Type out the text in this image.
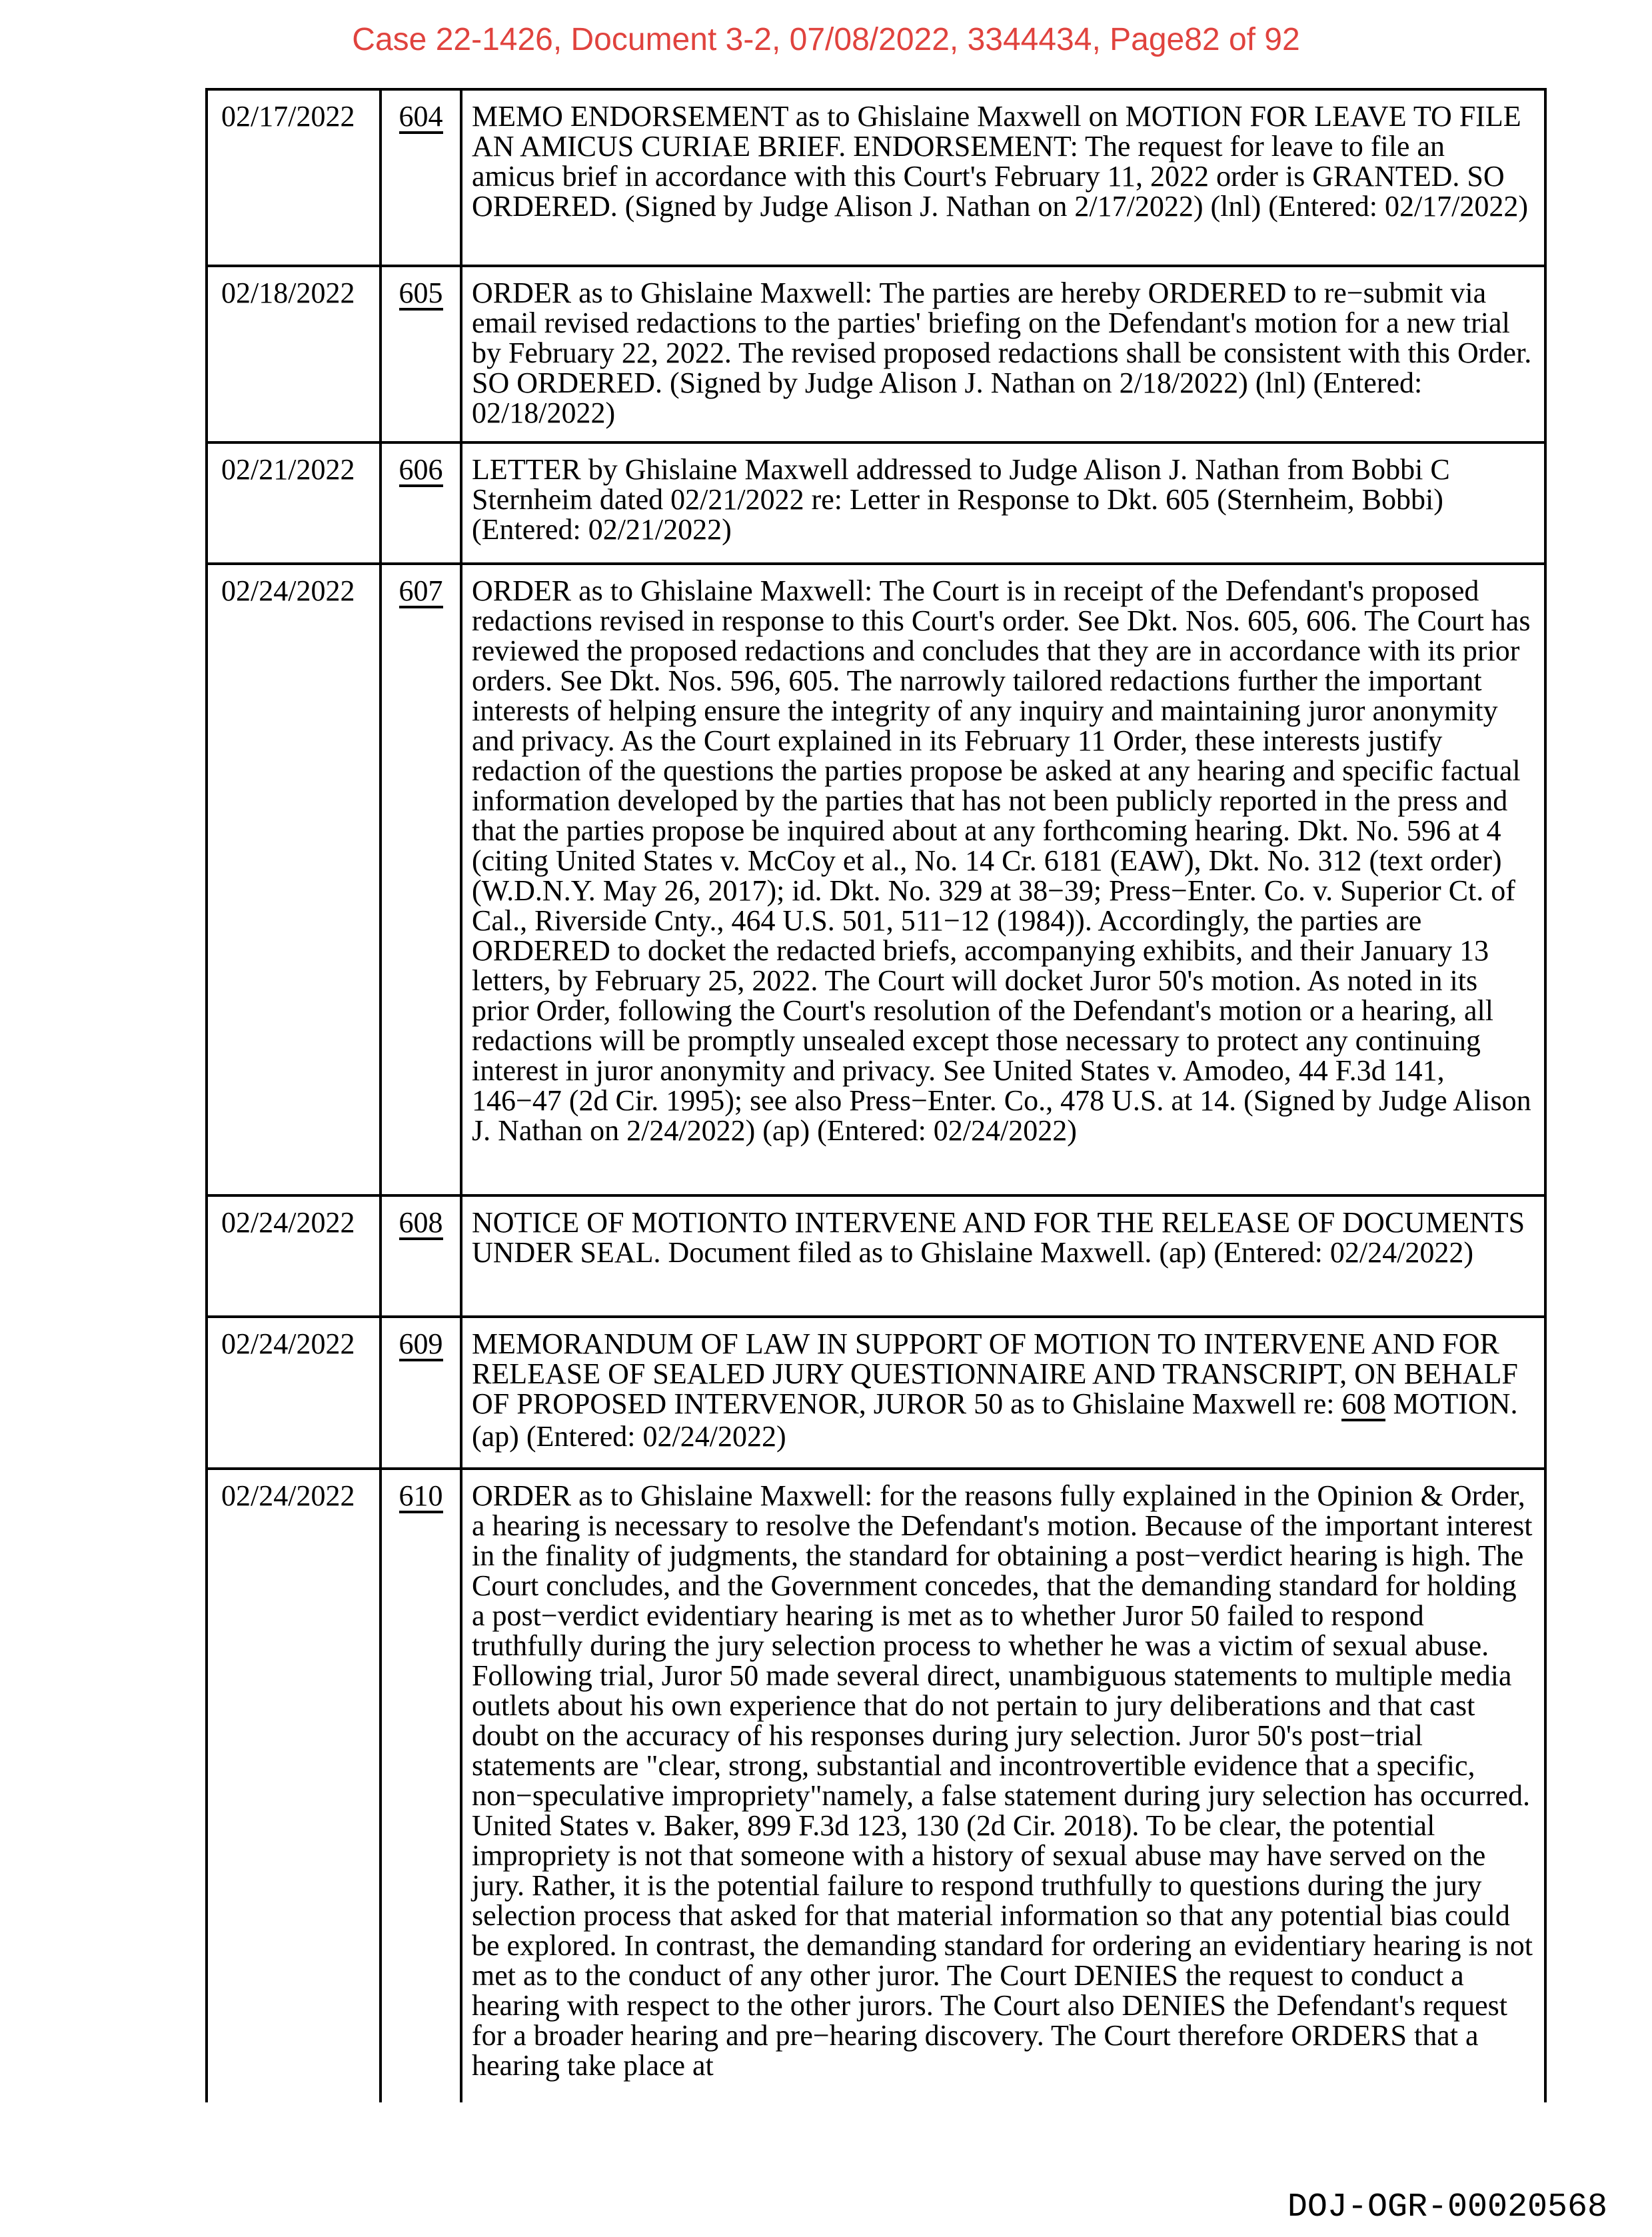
Case 22-1426, Document 3-2, 07/08/2022, 3344434, Page82 of 92
02/17/2022	604 MEMO ENDORSEMENT as to Ghislaine Maxwell on MOTION FOR LEAVE TO FILE AN AMICUS CURIAE BRIEF. ENDORSEMENT: The request for leave to file an amicus brief in accordance with this Court's February 11, 2022 order is GRANTED. SO ORDERED. (Signed by Judge Alison J. Nathan on 2/17/2022) (lnl) (Entered: 02/17/2022)
02/18/2022	605 ORDER as to Ghislaine Maxwell: The parties are hereby ORDERED to re−submit via email revised redactions to the parties' briefing on the Defendant's motion for a new trial by February 22, 2022. The revised proposed redactions shall be consistent with this Order. SO ORDERED. (Signed by Judge Alison J. Nathan on 2/18/2022) (lnl) (Entered: 02/18/2022)
02/21/2022	606 LETTER by Ghislaine Maxwell addressed to Judge Alison J. Nathan from Bobbi C Sternheim dated 02/21/2022 re: Letter in Response to Dkt. 605 (Sternheim, Bobbi) (Entered: 02/21/2022)
02/24/2022	607 ORDER as to Ghislaine Maxwell: The Court is in receipt of the Defendant's proposed redactions revised in response to this Court's order. See Dkt. Nos. 605, 606. The Court has reviewed the proposed redactions and concludes that they are in accordance with its prior orders. See Dkt. Nos. 596, 605. The narrowly tailored redactions further the important interests of helping ensure the integrity of any inquiry and maintaining juror anonymity and privacy. As the Court explained in its February 11 Order, these interests justify redaction of the questions the parties propose be asked at any hearing and specific factual information developed by the parties that has not been publicly reported in the press and that the parties propose be inquired about at any forthcoming hearing. Dkt. No. 596 at 4 (citing United States v. McCoy et al., No. 14 Cr. 6181 (EAW), Dkt. No. 312 (text order) (W.D.N.Y. May 26, 2017); id. Dkt. No. 329 at 38−39; Press−Enter. Co. v. Superior Ct. of Cal., Riverside Cnty., 464 U.S. 501, 511−12 (1984)). Accordingly, the parties are ORDERED to docket the redacted briefs, accompanying exhibits, and their January 13 letters, by February 25, 2022. The Court will docket Juror 50's motion. As noted in its prior Order, following the Court's resolution of the Defendant's motion or a hearing, all redactions will be promptly unsealed except those necessary to protect any continuing interest in juror anonymity and privacy. See United States v. Amodeo, 44 F.3d 141, 146−47 (2d Cir. 1995); see also Press−Enter. Co., 478 U.S. at 14. (Signed by Judge Alison J. Nathan on 2/24/2022) (ap) (Entered: 02/24/2022)
02/24/2022	608 NOTICE OF MOTIONTO INTERVENE AND FOR THE RELEASE OF DOCUMENTS UNDER SEAL. Document filed as to Ghislaine Maxwell. (ap) (Entered: 02/24/2022)
02/24/2022	609 MEMORANDUM OF LAW IN SUPPORT OF MOTION TO INTERVENE AND FOR RELEASE OF SEALED JURY QUESTIONNAIRE AND TRANSCRIPT, ON BEHALF OF PROPOSED INTERVENOR, JUROR 50 as to Ghislaine Maxwell re: 608 MOTION. (ap) (Entered: 02/24/2022)
02/24/2022	610 ORDER as to Ghislaine Maxwell: for the reasons fully explained in the Opinion & Order, a hearing is necessary to resolve the Defendant's motion. Because of the important interest in the finality of judgments, the standard for obtaining a post−verdict hearing is high. The Court concludes, and the Government concedes, that the demanding standard for holding a post−verdict evidentiary hearing is met as to whether Juror 50 failed to respond truthfully during the jury selection process to whether he was a victim of sexual abuse. Following trial, Juror 50 made several direct, unambiguous statements to multiple media outlets about his own experience that do not pertain to jury deliberations and that cast doubt on the accuracy of his responses during jury selection. Juror 50's post−trial statements are "clear, strong, substantial and incontrovertible evidence that a specific, non−speculative impropriety"namely, a false statement during jury selection has occurred. United States v. Baker, 899 F.3d 123, 130 (2d Cir. 2018). To be clear, the potential impropriety is not that someone with a history of sexual abuse may have served on the jury. Rather, it is the potential failure to respond truthfully to questions during the jury selection process that asked for that material information so that any potential bias could be explored. In contrast, the demanding standard for ordering an evidentiary hearing is not met as to the conduct of any other juror. The Court DENIES the request to conduct a hearing with respect to the other jurors. The Court also DENIES the Defendant's request for a broader hearing and pre−hearing discovery. The Court therefore ORDERS that a hearing take place at
DOJ-OGR-00020568
